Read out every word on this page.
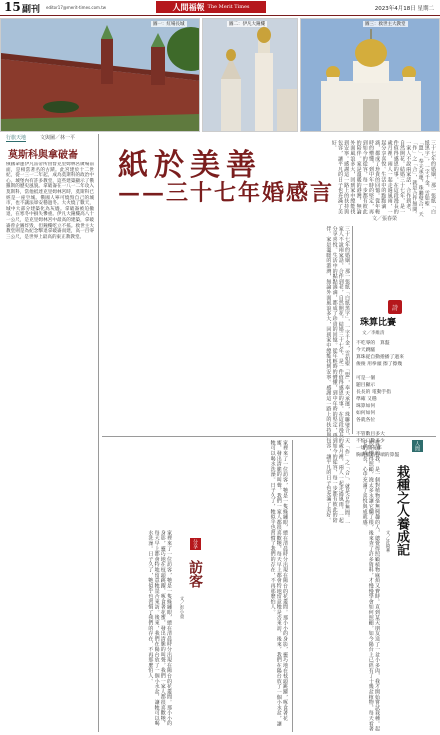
15 副刊 editor17@merit-times.com.tw	人間福報 The Merit Times	2023年4月18日 星期二
圖一：紅場長城	圖二：伊凡大鐘樓	圖三：救世主大教堂
行旅天地	文與圖／林一平
莫斯科與拿破崙
俄國命運伊凡雷帝所由督克里姆林宮廣場前面，是相當著名的古蹟。此宮建於十二世紀，從一三一二年起，成為莫斯科的政治中心。城堡內有許多教堂，這些建築顯示了俄羅斯的歷史風貌。拿破崙在一八一二年攻入莫斯科，當他抵達克里姆林宮時，莫斯科已經是一座空城。俄國人寧可燒毀自己的城市，也不讓法軍安穩過冬。大火燒了數天，城中大部分建築化為灰燼。拿破崙被迫撤退，在寒冬中損失慘重。伊凡大鐘樓高八十一公尺，是克里姆林宮中最高的建築，拿破崙曾企圖炸毀，但鐘樓屹立不搖。救世主大教堂則是為紀念擊退拿破崙而建，高一百零三公尺，是世界上最高的東正教教堂。
紙於美善
——三十七年婚感言
文／張春榮
三十七年的婚姻，那一張紙「白紙黑字」，一字千金，雲如聖「盟」，奉天承運，珠聯璧合，天「作」之「合」，就是合作無間。一家人不說兩家話，合作到老，自然開花。結婚三十七年，是一件值得感恩的事。在這段漫長的歲月裡，兩人一起走過風雨，一起分享喜悅。生活中的點點滴滴，都成了珍貴的回憶。從年輕時的懵懂，到中年時的堅定，再到如今的從容，每一步都有彼此的陪伴。家是溫暖的港灣，無論外面風浪多大，回到家中總能找到安寧。感謝這一路上的扶持與包容，讓平凡的日子也充滿了美好。
三十七年的婚姻，那一張紙「白紙黑字」，一字千金，雲如聖「盟」，奉天承運，珠聯璧合，天「作」之「合」，就是合作無間。一家人不說兩家話，合作到老，自然開花。結婚三十七年，是一件值得感恩的事。在這段漫長的歲月裡，兩人一起走過風雨，一起分享喜悅。生活中的點點滴滴，都成了珍貴的回憶。從年輕時的懵懂，到中年時的堅定，再到如今的從容，每一步都有彼此的陪伴。家是溫暖的港灣，無論外面風浪多大，回到家中總能找到安寧。感謝這一路上的扶持與包容，讓平凡的日子也充滿了美好。	詩
珠算比賽
文／李維清
不吃零的　算盤
今天跳騷
算珠從自動捲播了過來
俊俊 用拳頭 擦了擦幾

可是一個
題目顯示
長長的 電動手指
準確 又穩
珠算如何
如何如何
各就各位

不管數目多大
不怕口數多少
一切 都在那
胸就那站得端的算盤
分享
訪客
文／彭小童
家裡來了一位訪客，牠是一隻綠繡眼，總在清晨時分出現在陽台的花叢間。那小小的身影，靈巧地在枝頭跳躍，啄食著花蜜，發出清脆的叫聲。我們一家人都很喜歡牠，每天早上都會特地留意牠是否來訪。後來，我們在陽台放了一個小水盆，讓牠可以喝水洗澡。日子久了，牠似乎也習慣了我們的存在，不再那麼怕人。	家裡來了一位訪客，牠是一隻綠繡眼，總在清晨時分出現在陽台的花叢間。那小小的身影，靈巧地在枝頭跳躍，啄食著花蜜，發出清脆的叫聲。我們一家人都很喜歡牠，每天早上都會特地留意牠是否來訪。後來，我們在陽台放了一個小水盆，讓牠可以喝水洗澡。日子久了，牠似乎也習慣了我們的存在，不再那麼怕人。	人間
栽種之人養成記
文／許綺華
從前的我，是一個對植物毫無興趣的人，總覺得照顧植物麻煩又費時。直到某天朋友送了一盆小多肉，我才開始嘗試栽種。起初不懂得照顧，澆太多水讓它爛了根，後來查了許多資料，才慢慢學會如何照顧。如今陽台上已經有了十幾盆植物，每天看著它們成長，心中充滿了喜悅與成就感。
